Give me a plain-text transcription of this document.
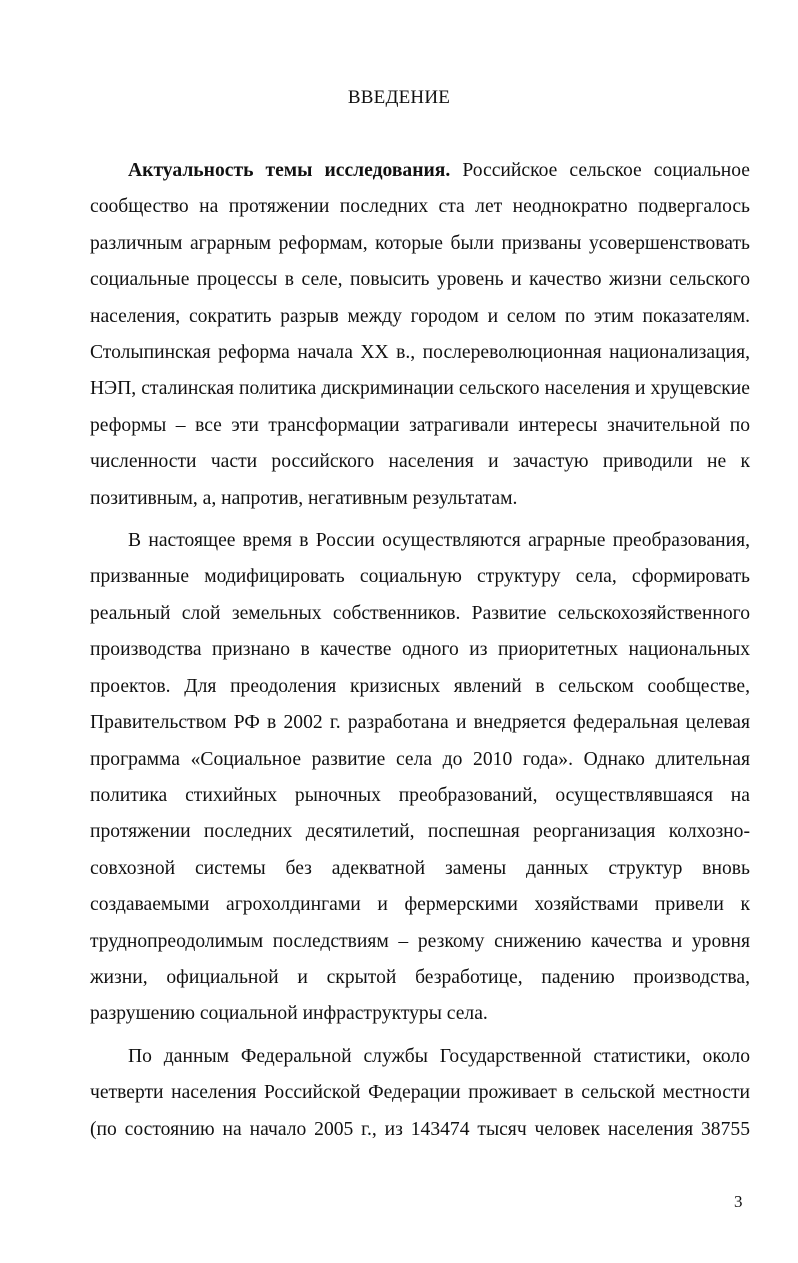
ВВЕДЕНИЕ

Актуальность темы исследования. Российское сельское социальное сообщество на протяжении последних ста лет неоднократно подвергалось различным аграрным реформам, которые были призваны усовершенствовать социальные процессы в селе, повысить уровень и качество жизни сельского населения, сократить разрыв между городом и селом по этим показателям. Столыпинская реформа начала XX в., послереволюционная национализация, НЭП, сталинская политика дискриминации сельского населения и хрущевские реформы – все эти трансформации затрагивали интересы значительной по численности части российского населения и зачастую приводили не к позитивным, а, напротив, негативным результатам.

В настоящее время в России осуществляются аграрные преобразования, призванные модифицировать социальную структуру села, сформировать реальный слой земельных собственников. Развитие сельскохозяйственного производства признано в качестве одного из приоритетных национальных проектов. Для преодоления кризисных явлений в сельском сообществе, Правительством РФ в 2002 г. разработана и внедряется федеральная целевая программа «Социальное развитие села до 2010 года». Однако длительная политика стихийных рыночных преобразований, осуществлявшаяся на протяжении последних десятилетий, поспешная реорганизация колхозно-совхозной системы без адекватной замены данных структур вновь создаваемыми агрохолдингами и фермерскими хозяйствами привели к труднопреодолимым последствиям – резкому снижению качества и уровня жизни, официальной и скрытой безработице, падению производства, разрушению социальной инфраструктуры села.

По данным Федеральной службы Государственной статистики, около четверти населения Российской Федерации проживает в сельской местности (по состоянию на начало 2005 г., из 143474 тысяч человек населения 38755

3
